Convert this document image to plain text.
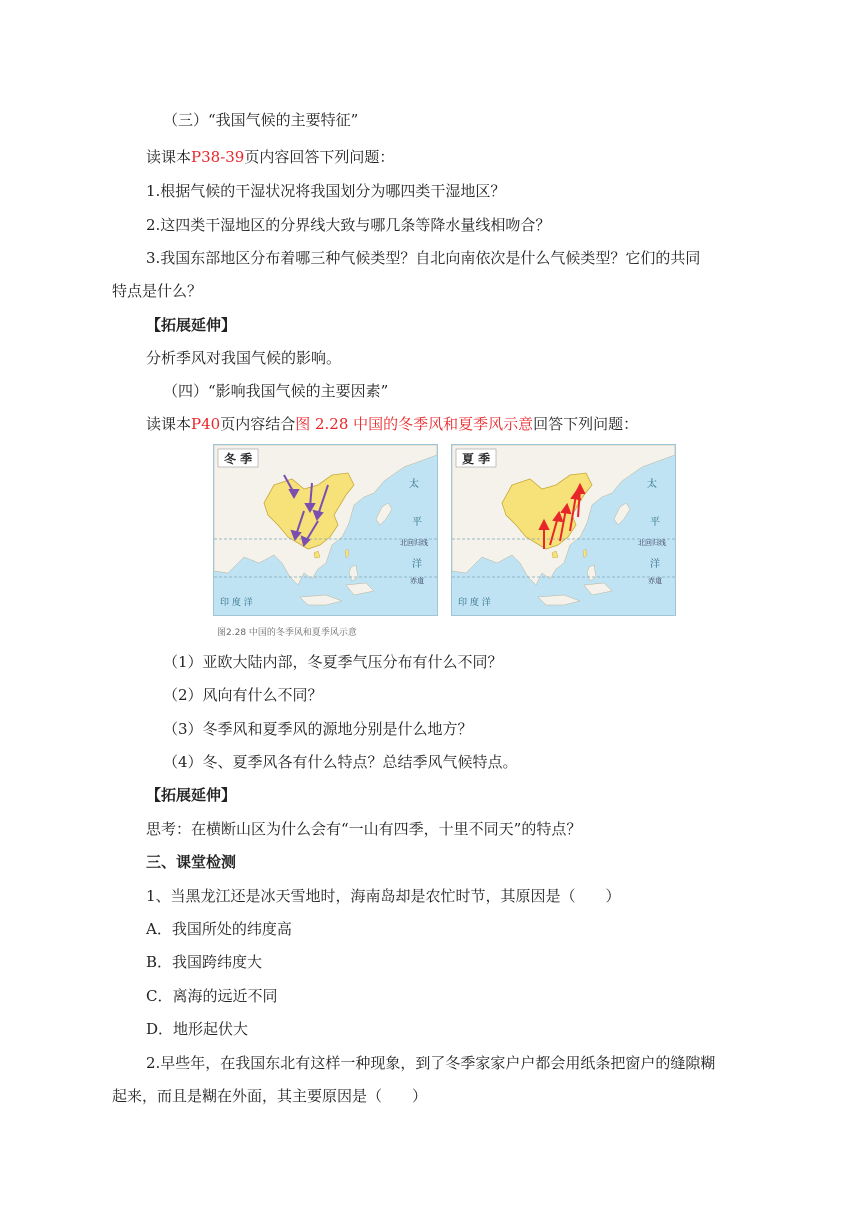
（三）“我国气候的主要特征”
读课本P38-39页内容回答下列问题：
1.根据气候的干湿状况将我国划分为哪四类干湿地区？
2.这四类干湿地区的分界线大致与哪几条等降水量线相吻合？
3.我国东部地区分布着哪三种气候类型？自北向南依次是什么气候类型？它们的共同
特点是什么？
【拓展延伸】
分析季风对我国气候的影响。
（四）“影响我国气候的主要因素”
读课本P40页内容结合图 2.28 中国的冬季风和夏季风示意回答下列问题：
太
平
洋
北回归线
赤道
印 度 洋
冬 季
太
平
洋
北回归线
赤道
印 度 洋
夏 季
图2.28 中国的冬季风和夏季风示意
（1）亚欧大陆内部，冬夏季气压分布有什么不同？
（2）风向有什么不同？
（3）冬季风和夏季风的源地分别是什么地方？
（4）冬、夏季风各有什么特点？总结季风气候特点。
【拓展延伸】
思考：在横断山区为什么会有“一山有四季，十里不同天”的特点？
三、课堂检测
1、当黑龙江还是冰天雪地时，海南岛却是农忙时节，其原因是（　　）
A．我国所处的纬度高
B．我国跨纬度大
C．离海的远近不同
D．地形起伏大
2.早些年，在我国东北有这样一种现象，到了冬季家家户户都会用纸条把窗户的缝隙糊
起来，而且是糊在外面，其主要原因是（　　）
